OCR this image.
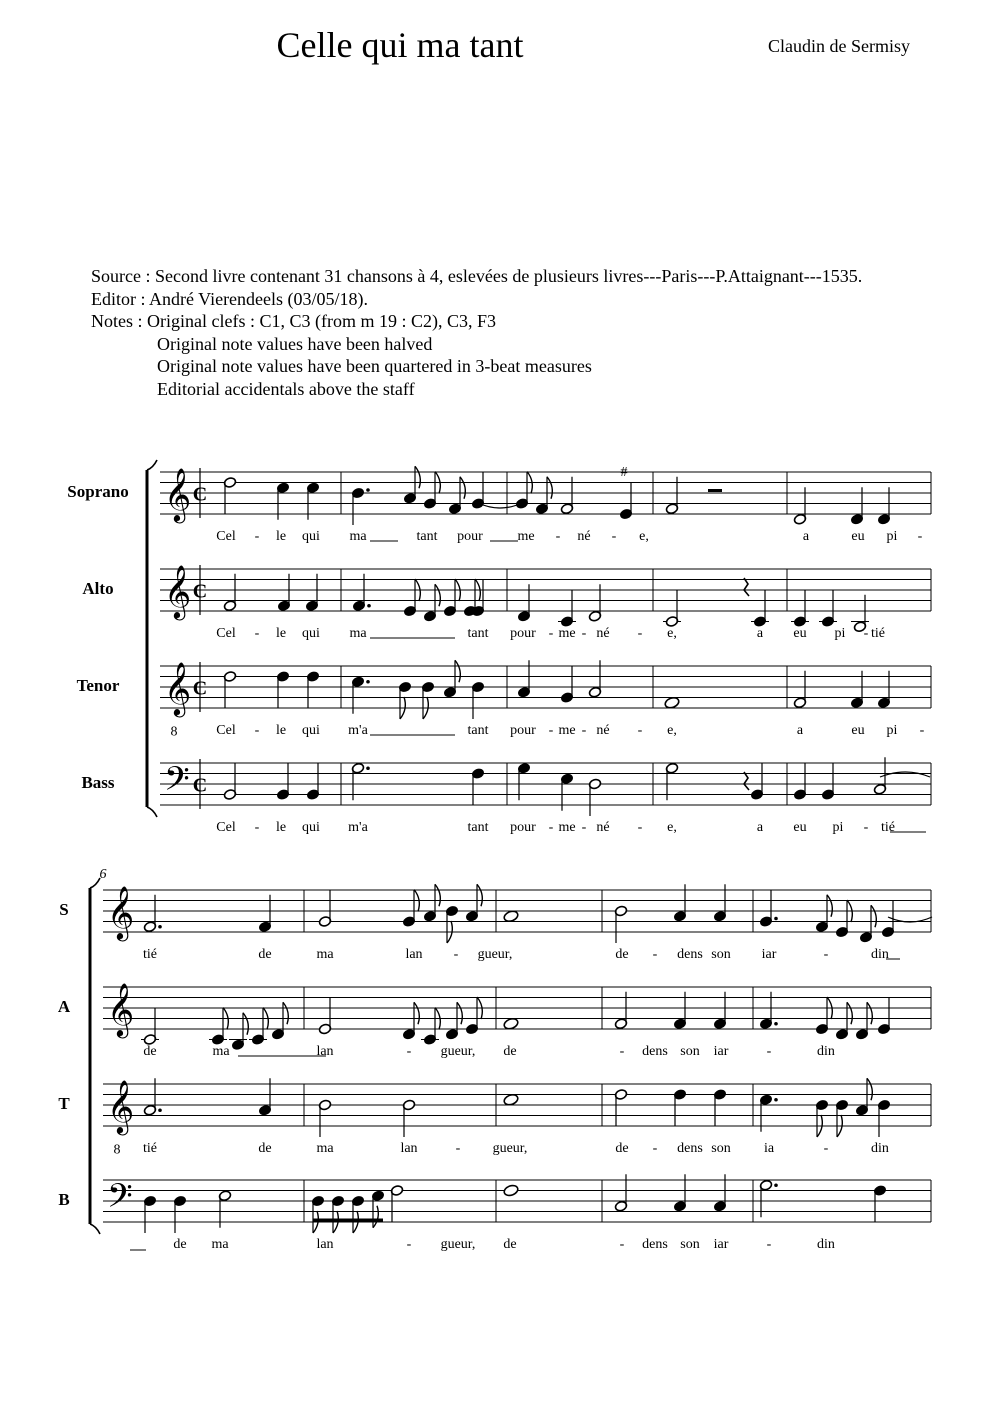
Celle qui ma tant	Claudin de Sermisy
Source : Second livre contenant 31 chansons à 4, eslevées de plusieurs livres---Paris---P.Attaignant---1535.
Editor : André Vierendeels (03/05/18).
Notes : Original clefs : C1, C3 (from m 19 : C2), C3, F3
Original note values have been halved
Original note values have been quartered in 3-beat measures
Editorial accidentals above the staff
𝄞 C
Soprano
Cel - le qui ma	tant pour me - né - e,	a	eu pi -
𝄞 C
Alto
Cel - le qui ma	tant pour - me - né - e,	a eu pi - tié
𝄞
8
C
Tenor
Cel - le qui m'a	tant pour - me - né - e,	a	eu pi -
𝄢 C
Bass
Cel - le qui m'a	tant pour - me - né - e,	a eu pi - tié
𝄞
S
tié	de	ma	lan - gueur,	de - dens son iar	-	din
𝄞
A
de	ma	lan	- gueur, de	- dens son iar	-	din
𝄞
8
T
tié	de	ma	lan	- gueur,	de - dens son ia	-	din
𝄢
B
de ma	lan	- gueur, de	- dens son iar	-	din
6
#
